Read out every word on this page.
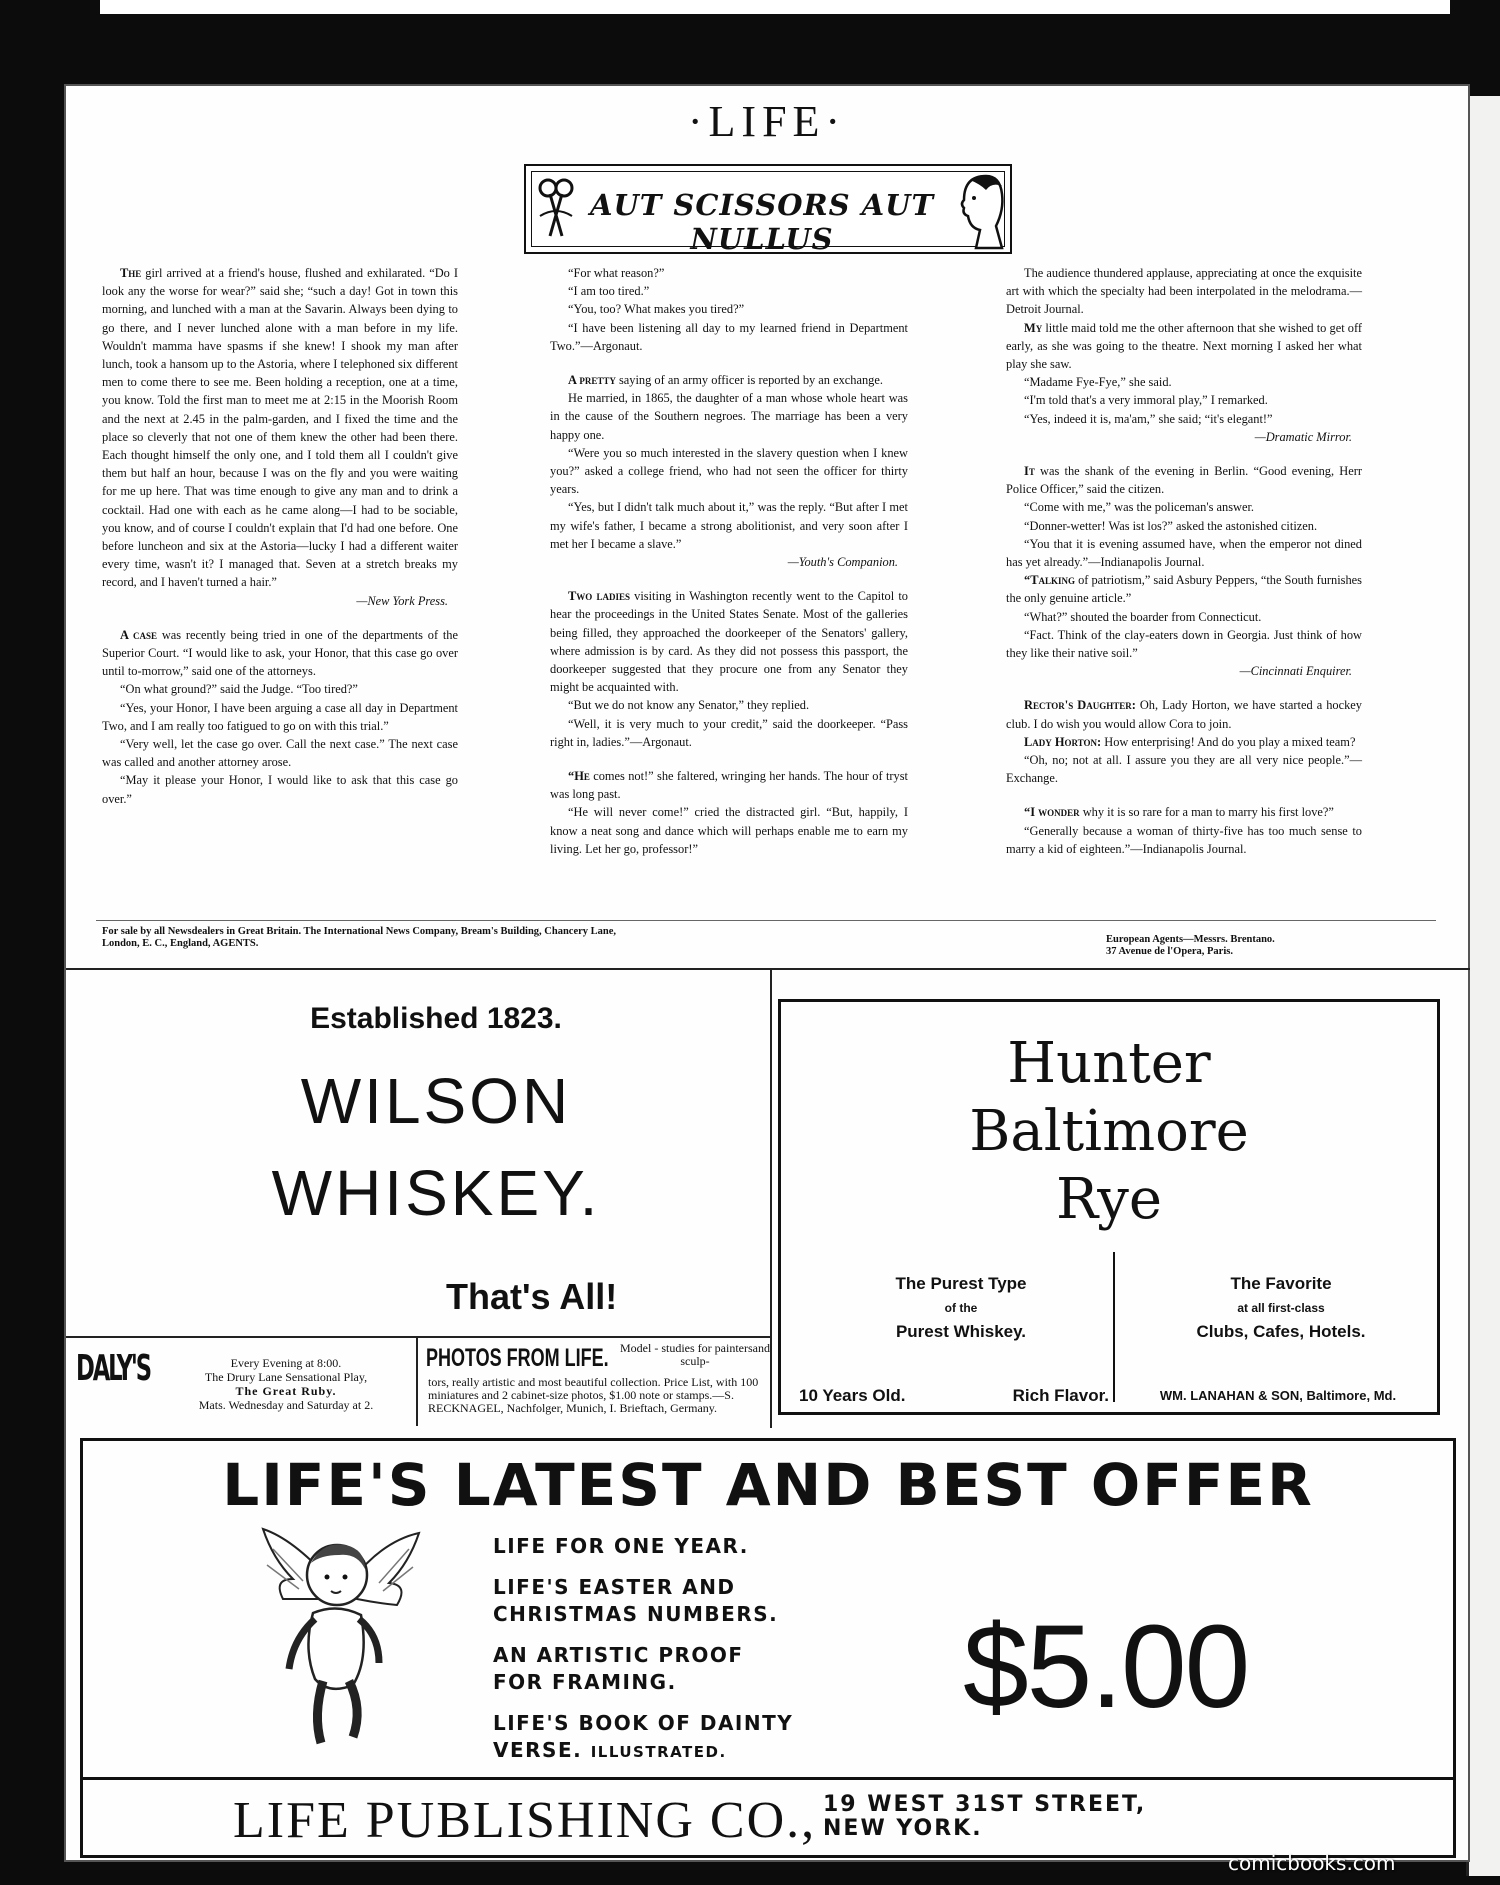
·LIFE·
AUT SCISSORS AUT NULLUS

The girl arrived at a friend's house, flushed and exhilarated. “Do I look any the worse for wear?” said she; “such a day! Got in town this morning, and lunched with a man at the Savarin. Always been dying to go there, and I never lunched alone with a man before in my life. Wouldn't mamma have spasms if she knew! I shook my man after lunch, took a hansom up to the Astoria, where I telephoned six different men to come there to see me. Been holding a reception, one at a time, you know. Told the first man to meet me at 2:15 in the Moorish Room and the next at 2.45 in the palm-garden, and I fixed the time and the place so cleverly that not one of them knew the other had been there. Each thought himself the only one, and I told them all I couldn't give them but half an hour, because I was on the fly and you were waiting for me up here. That was time enough to give any man and to drink a cocktail. Had one with each as he came along—I had to be sociable, you know, and of course I couldn't explain that I'd had one before. One before luncheon and six at the Astoria—lucky I had a different waiter every time, wasn't it? I managed that. Seven at a stretch breaks my record, and I haven't turned a hair.”

—New York Press.

A case was recently being tried in one of the departments of the Superior Court. “I would like to ask, your Honor, that this case go over until to-morrow,” said one of the attorneys.

“On what ground?” said the Judge. “Too tired?”

“Yes, your Honor, I have been arguing a case all day in Department Two, and I am really too fatigued to go on with this trial.”

“Very well, let the case go over. Call the next case.” The next case was called and another attorney arose.

“May it please your Honor, I would like to ask that this case go over.”

“For what reason?”

“I am too tired.”

“You, too? What makes you tired?”

“I have been listening all day to my learned friend in Department Two.”—Argonaut.

A pretty saying of an army officer is reported by an exchange.

He married, in 1865, the daughter of a man whose whole heart was in the cause of the Southern negroes. The marriage has been a very happy one.

“Were you so much interested in the slavery question when I knew you?” asked a college friend, who had not seen the officer for thirty years.

“Yes, but I didn't talk much about it,” was the reply. “But after I met my wife's father, I became a strong abolitionist, and very soon after I met her I became a slave.”

—Youth's Companion.

Two ladies visiting in Washington recently went to the Capitol to hear the proceedings in the United States Senate. Most of the galleries being filled, they approached the doorkeeper of the Senators' gallery, where admission is by card. As they did not possess this passport, the doorkeeper suggested that they procure one from any Senator they might be acquainted with.

“But we do not know any Senator,” they replied.

“Well, it is very much to your credit,” said the doorkeeper. “Pass right in, ladies.”—Argonaut.

“He comes not!” she faltered, wringing her hands. The hour of tryst was long past.

“He will never come!” cried the distracted girl. “But, happily, I know a neat song and dance which will perhaps enable me to earn my living. Let her go, professor!”

The audience thundered applause, appreciating at once the exquisite art with which the specialty had been interpolated in the melodrama.—Detroit Journal.

My little maid told me the other afternoon that she wished to get off early, as she was going to the theatre. Next morning I asked her what play she saw.

“Madame Fye-Fye,” she said.

“I'm told that's a very immoral play,” I remarked.

“Yes, indeed it is, ma'am,” she said; “it's elegant!”

—Dramatic Mirror.

It was the shank of the evening in Berlin. “Good evening, Herr Police Officer,” said the citizen.

“Come with me,” was the policeman's answer.

“Donner-wetter! Was ist los?” asked the astonished citizen.

“You that it is evening assumed have, when the emperor not dined has yet already.”—Indianapolis Journal.

“Talking of patriotism,” said Asbury Peppers, “the South furnishes the only genuine article.”

“What?” shouted the boarder from Connecticut.

“Fact. Think of the clay-eaters down in Georgia. Just think of how they like their native soil.”

—Cincinnati Enquirer.

Rector's Daughter: Oh, Lady Horton, we have started a hockey club. I do wish you would allow Cora to join.

Lady Horton: How enterprising! And do you play a mixed team?

“Oh, no; not at all. I assure you they are all very nice people.”—Exchange.

“I wonder why it is so rare for a man to marry his first love?”

“Generally because a woman of thirty-five has too much sense to marry a kid of eighteen.”—Indianapolis Journal.

For sale by all Newsdealers in Great Britain. The International News Company, Bream's Building, Chancery Lane, London, E. C., England, AGENTS.	European Agents—Messrs. Brentano.
37 Avenue de l'Opera, Paris.
Established 1823.
WILSON
WHISKEY.
That's All!
DALY'S	Every Evening at 8:00.
The Drury Lane Sensational Play,
The Great Ruby.
Mats. Wednesday and Saturday at 2.
PHOTOS FROM LIFE. Model - studies for paintersand sculp-
tors, really artistic and most beautiful collection. Price List, with 100 miniatures and 2 cabinet-size photos, $1.00 note or stamps.—S. RECKNAGEL, Nachfolger, Munich, I. Brieftach, Germany.
Hunter
Baltimore
Rye
The Purest Type
of the
Purest Whiskey.
The Favorite
at all first-class
Clubs, Cafes, Hotels.
10 Years Old.	Rich Flavor.	WM. LANAHAN & SON, Baltimore, Md.
LIFE'S LATEST AND BEST OFFER
LIFE FOR ONE YEAR.
LIFE'S EASTER AND
CHRISTMAS NUMBERS.
AN ARTISTIC PROOF
FOR FRAMING.
LIFE'S BOOK OF DAINTY
VERSE. ILLUSTRATED.
$5.00
LIFE PUBLISHING CO., 19 WEST 31ST STREET,
NEW YORK.
comicbooks.com
